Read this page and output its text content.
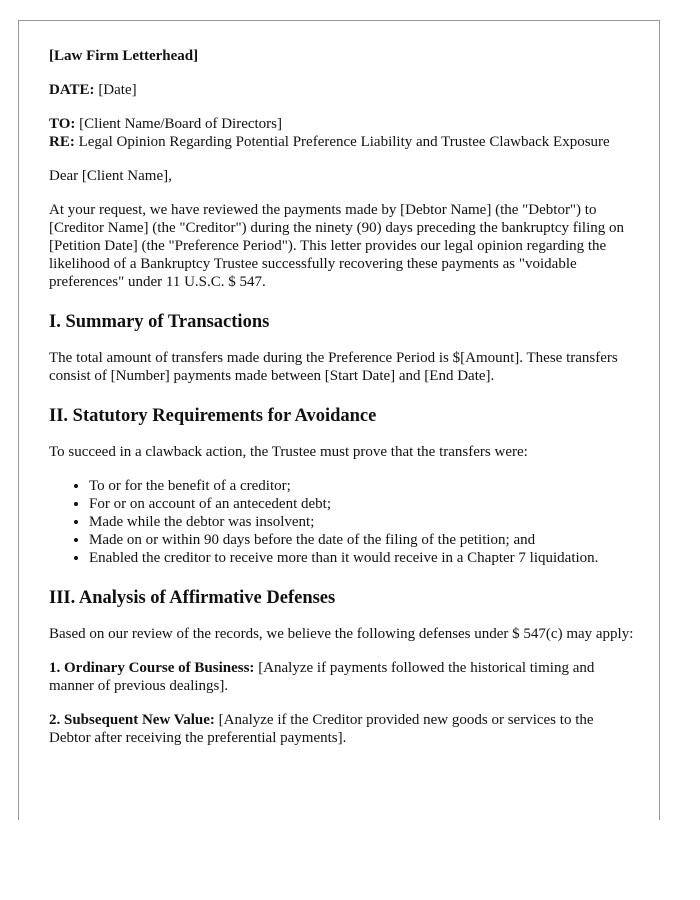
[Law Firm Letterhead]

DATE: [Date]

TO: [Client Name/Board of Directors]
RE: Legal Opinion Regarding Potential Preference Liability and Trustee Clawback Exposure

Dear [Client Name],

At your request, we have reviewed the payments made by [Debtor Name] (the "Debtor") to [Creditor Name] (the "Creditor") during the ninety (90) days preceding the bankruptcy filing on [Petition Date] (the "Preference Period"). This letter provides our legal opinion regarding the likelihood of a Bankruptcy Trustee successfully recovering these payments as "voidable preferences" under 11 U.S.C. $ 547.

I. Summary of Transactions

The total amount of transfers made during the Preference Period is $[Amount]. These transfers consist of [Number] payments made between [Start Date] and [End Date].

II. Statutory Requirements for Avoidance

To succeed in a clawback action, the Trustee must prove that the transfers were:

• To or for the benefit of a creditor;
• For or on account of an antecedent debt;
• Made while the debtor was insolvent;
• Made on or within 90 days before the date of the filing of the petition; and
• Enabled the creditor to receive more than it would receive in a Chapter 7 liquidation.
III. Analysis of Affirmative Defenses

Based on our review of the records, we believe the following defenses under $ 547(c) may apply:

1. Ordinary Course of Business: [Analyze if payments followed the historical timing and manner of previous dealings].

2. Subsequent New Value: [Analyze if the Creditor provided new goods or services to the Debtor after receiving the preferential payments].
